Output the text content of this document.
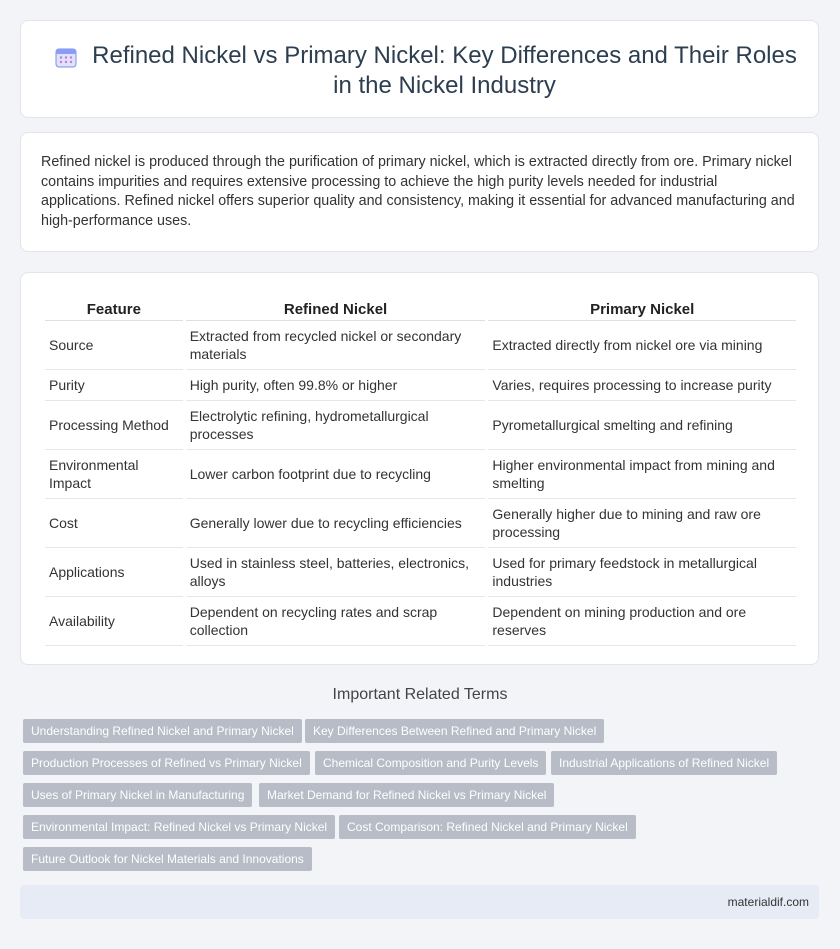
Refined Nickel vs Primary Nickel: Key Differences and Their Roles in the Nickel Industry

Refined nickel is produced through the purification of primary nickel, which is extracted directly from ore. Primary nickel contains impurities and requires extensive processing to achieve the high purity levels needed for industrial applications. Refined nickel offers superior quality and consistency, making it essential for advanced manufacturing and high-performance uses.

Feature	Refined Nickel	Primary Nickel
Source	Extracted from recycled nickel or secondary materials	Extracted directly from nickel ore via mining
Purity	High purity, often 99.8% or higher	Varies, requires processing to increase purity
Processing Method	Electrolytic refining, hydrometallurgical processes	Pyrometallurgical smelting and refining
Environmental Impact	Lower carbon footprint due to recycling	Higher environmental impact from mining and smelting
Cost	Generally lower due to recycling efficiencies	Generally higher due to mining and raw ore processing
Applications	Used in stainless steel, batteries, electronics, alloys	Used for primary feedstock in metallurgical industries
Availability	Dependent on recycling rates and scrap collection	Dependent on mining production and ore reserves
Important Related Terms
Understanding Refined Nickel and Primary Nickel	Key Differences Between Refined and Primary Nickel
Production Processes of Refined vs Primary Nickel	Chemical Composition and Purity Levels	Industrial Applications of Refined Nickel
Uses of Primary Nickel in Manufacturing	Market Demand for Refined Nickel vs Primary Nickel
Environmental Impact: Refined Nickel vs Primary Nickel	Cost Comparison: Refined Nickel and Primary Nickel
Future Outlook for Nickel Materials and Innovations
materialdif.com
